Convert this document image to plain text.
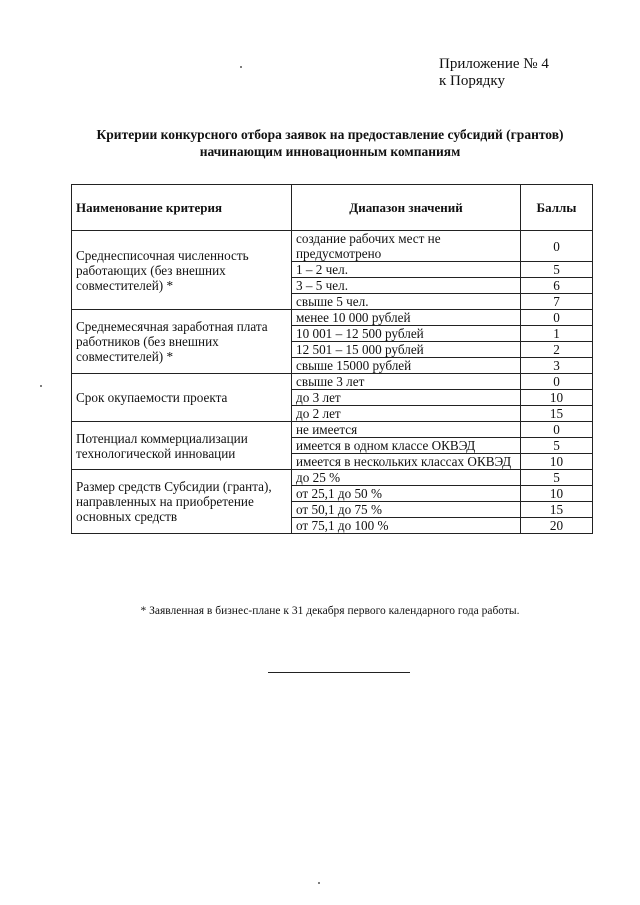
Приложение № 4
к Порядку
Критерии конкурсного отбора заявок на предоставление субсидий (грантов) начинающим инновационным компаниям
Наименование критерия	Диапазон значений	Баллы
Среднесписочная численность работающих (без внешних совместителей) *	создание рабочих мест не предусмотрено	0
	1 – 2 чел.	5
	3 – 5 чел.	6
	свыше 5 чел.	7
Среднемесячная заработная плата работников (без внешних совместителей) *	менее 10 000 рублей	0
	10 001 – 12 500 рублей	1
	12 501 – 15 000 рублей	2
	свыше 15000 рублей	3
Срок окупаемости проекта	свыше 3 лет	0
	до 3 лет	10
	до 2 лет	15
Потенциал коммерциализации технологической инновации	не имеется	0
	имеется в одном классе ОКВЭД	5
	имеется в нескольких классах ОКВЭД	10
Размер средств Субсидии (гранта), направленных на приобретение основных средств	до 25 %	5
	от 25,1 до 50 %	10
	от 50,1 до 75 %	15
	от 75,1 до 100 %	20
* Заявленная в бизнес-плане к 31 декабря первого календарного года работы.
